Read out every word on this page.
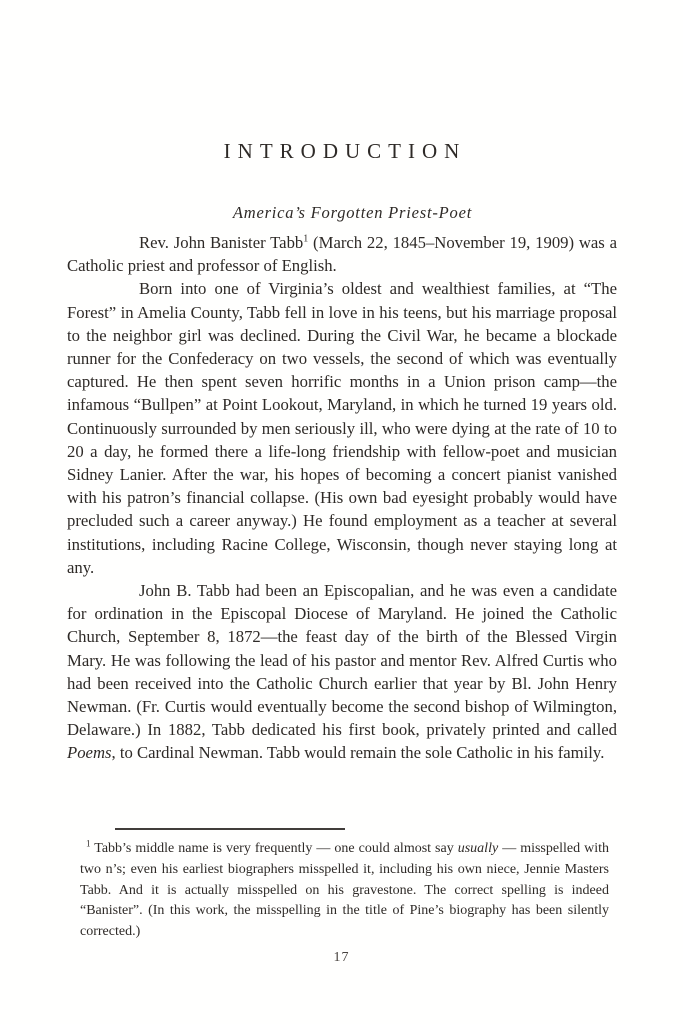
INTRODUCTION
America’s Forgotten Priest-Poet

Rev. John Banister Tabb$^1$ (March 22, 1845–November 19, 1909) was a Catholic priest and professor of English.

Born into one of Virginia’s oldest and wealthiest families, at “The Forest” in Amelia County, Tabb fell in love in his teens, but his marriage proposal to the neighbor girl was declined. During the Civil War, he became a blockade runner for the Confederacy on two vessels, the second of which was eventually captured. He then spent seven horrific months in a Union prison camp—the infamous “Bullpen” at Point Lookout, Maryland, in which he turned 19 years old. Continuously surrounded by men seriously ill, who were dying at the rate of 10 to 20 a day, he formed there a life-long friendship with fellow-poet and musician Sidney Lanier. After the war, his hopes of becoming a concert pianist vanished with his patron’s financial collapse. (His own bad eyesight probably would have precluded such a career anyway.) He found employment as a teacher at several institutions, including Racine College, Wisconsin, though never staying long at any.

John B. Tabb had been an Episcopalian, and he was even a candidate for ordination in the Episcopal Diocese of Maryland. He joined the Catholic Church, September 8, 1872—the feast day of the birth of the Blessed Virgin Mary. He was following the lead of his pastor and mentor Rev. Alfred Curtis who had been received into the Catholic Church earlier that year by Bl. John Henry Newman. (Fr. Curtis would eventually become the second bishop of Wilmington, Delaware.) In 1882, Tabb dedicated his first book, privately printed and called Poems, to Cardinal Newman. Tabb would remain the sole Catholic in his family.

$^1$ Tabb’s middle name is very frequently — one could almost say usually — misspelled with two n’s; even his earliest biographers misspelled it, including his own niece, Jennie Masters Tabb. And it is actually misspelled on his gravestone. The correct spelling is indeed “Banister”. (In this work, the misspelling in the title of Pine’s biography has been silently corrected.)
17
